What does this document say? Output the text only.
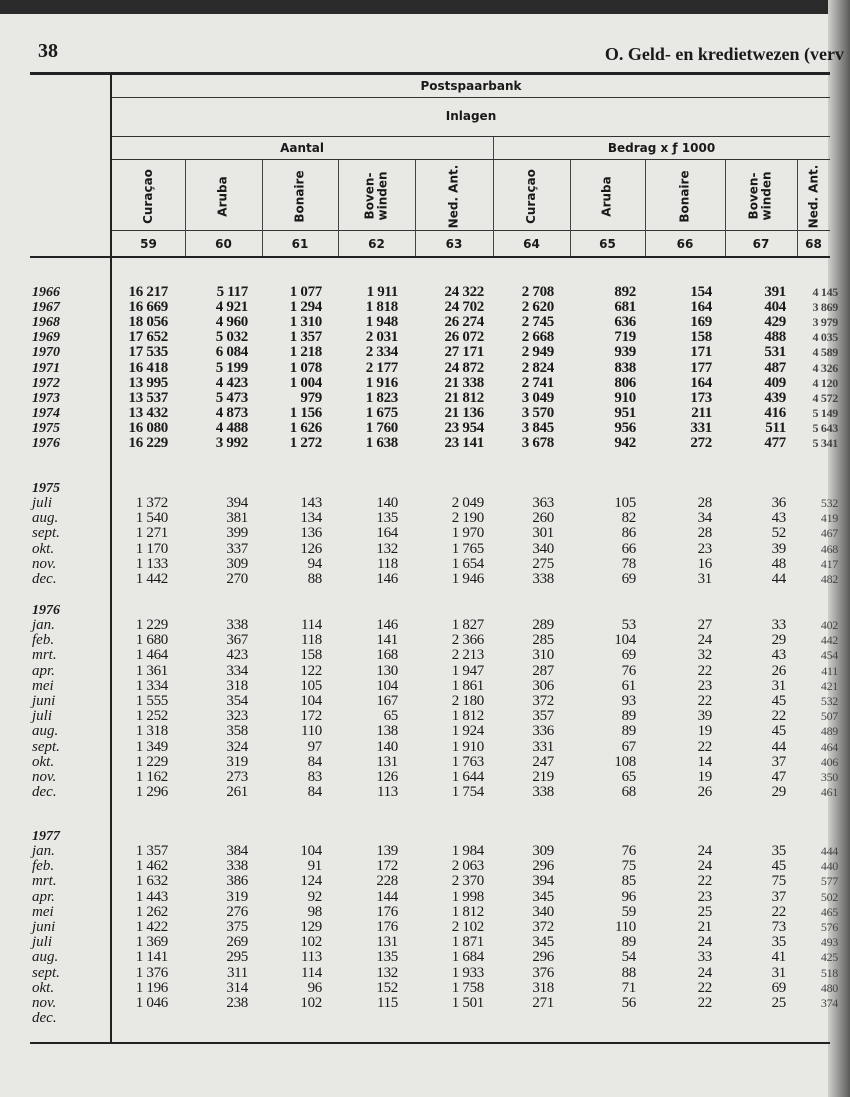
38	O. Geld- en kredietwezen (verv
Postspaarbank
Inlagen
Aantal	Bedrag x ƒ 1000
Curaçao
59
Aruba
60
Bonaire
61
Boven-
winden
62
Ned. Ant.
63
Curaçao
64
Aruba
65
Bonaire
66
Boven-
winden
67
Ned. Ant.
68
1966	16 217	5 117	1 077	1 911	24 322	2 708	892	154	391	4 145
1967	16 669	4 921	1 294	1 818	24 702	2 620	681	164	404	3 869
1968	18 056	4 960	1 310	1 948	26 274	2 745	636	169	429	3 979
1969	17 652	5 032	1 357	2 031	26 072	2 668	719	158	488	4 035
1970	17 535	6 084	1 218	2 334	27 171	2 949	939	171	531	4 589
1971	16 418	5 199	1 078	2 177	24 872	2 824	838	177	487	4 326
1972	13 995	4 423	1 004	1 916	21 338	2 741	806	164	409	4 120
1973	13 537	5 473	979	1 823	21 812	3 049	910	173	439	4 572
1974	13 432	4 873	1 156	1 675	21 136	3 570	951	211	416	5 149
1975	16 080	4 488	1 626	1 760	23 954	3 845	956	331	511	5 643
1976	16 229	3 992	1 272	1 638	23 141	3 678	942	272	477	5 341
1975
juli	1 372	394	143	140	2 049	363	105	28	36	532
aug.	1 540	381	134	135	2 190	260	82	34	43	419
sept.	1 271	399	136	164	1 970	301	86	28	52	467
okt.	1 170	337	126	132	1 765	340	66	23	39	468
nov.	1 133	309	94	118	1 654	275	78	16	48	417
dec.	1 442	270	88	146	1 946	338	69	31	44	482
1976
jan.	1 229	338	114	146	1 827	289	53	27	33	402
feb.	1 680	367	118	141	2 366	285	104	24	29	442
mrt.	1 464	423	158	168	2 213	310	69	32	43	454
apr.	1 361	334	122	130	1 947	287	76	22	26	411
mei	1 334	318	105	104	1 861	306	61	23	31	421
juni	1 555	354	104	167	2 180	372	93	22	45	532
juli	1 252	323	172	65	1 812	357	89	39	22	507
aug.	1 318	358	110	138	1 924	336	89	19	45	489
sept.	1 349	324	97	140	1 910	331	67	22	44	464
okt.	1 229	319	84	131	1 763	247	108	14	37	406
nov.	1 162	273	83	126	1 644	219	65	19	47	350
dec.	1 296	261	84	113	1 754	338	68	26	29	461
1977
jan.	1 357	384	104	139	1 984	309	76	24	35	444
feb.	1 462	338	91	172	2 063	296	75	24	45	440
mrt.	1 632	386	124	228	2 370	394	85	22	75	577
apr.	1 443	319	92	144	1 998	345	96	23	37	502
mei	1 262	276	98	176	1 812	340	59	25	22	465
juni	1 422	375	129	176	2 102	372	110	21	73	576
juli	1 369	269	102	131	1 871	345	89	24	35	493
aug.	1 141	295	113	135	1 684	296	54	33	41	425
sept.	1 376	311	114	132	1 933	376	88	24	31	518
okt.	1 196	314	96	152	1 758	318	71	22	69	480
nov.	1 046	238	102	115	1 501	271	56	22	25	374
dec.
